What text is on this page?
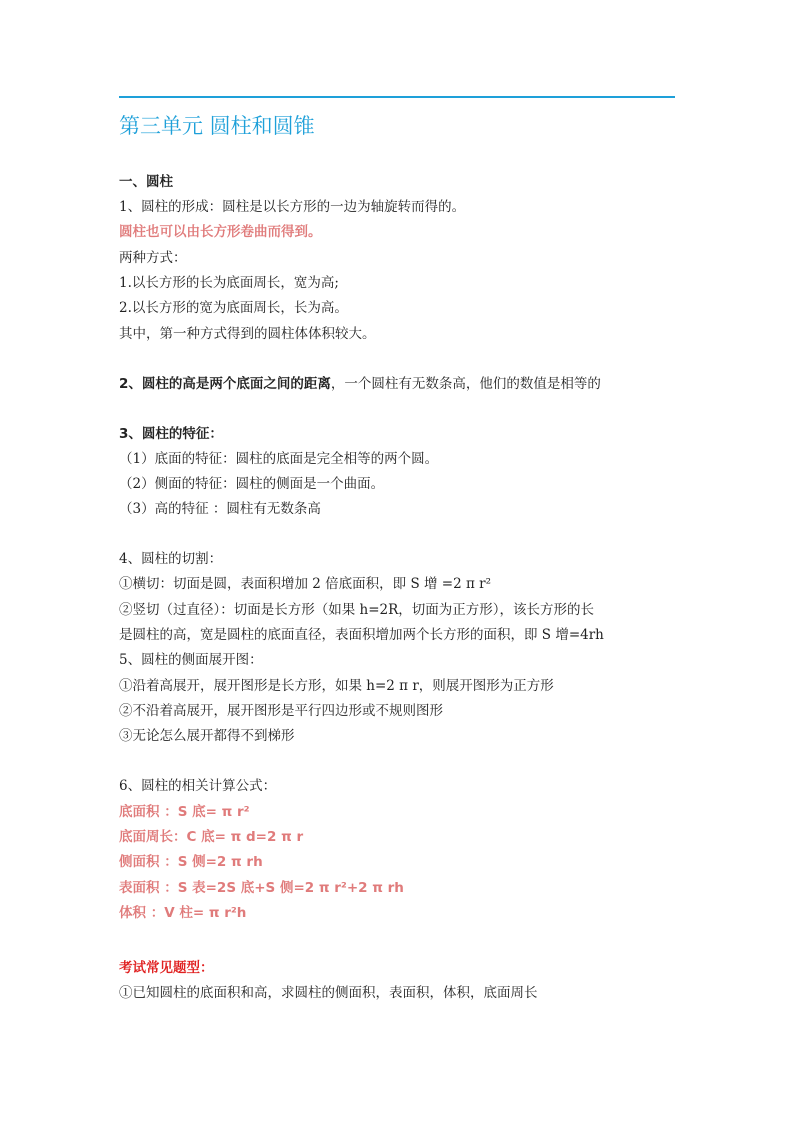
第三单元 圆柱和圆锥
一、圆柱
1、圆柱的形成：圆柱是以长方形的一边为轴旋转而得的。
圆柱也可以由长方形卷曲而得到。
两种方式：
1.以长方形的长为底面周长，宽为高;
2.以长方形的宽为底面周长，长为高。
其中，第一种方式得到的圆柱体体积较大。
2、圆柱的高是两个底面之间的距离，一个圆柱有无数条高，他们的数值是相等的
3、圆柱的特征：
（1）底面的特征：圆柱的底面是完全相等的两个圆。
（2）侧面的特征：圆柱的侧面是一个曲面。
（3）高的特征 ：圆柱有无数条高
4、圆柱的切割：
①横切：切面是圆，表面积增加 2 倍底面积，即 S 增 =2 π r²
②竖切（过直径）：切面是长方形（如果 h=2R，切面为正方形），该长方形的长
是圆柱的高，宽是圆柱的底面直径，表面积增加两个长方形的面积，即 S 增=4rh
5、圆柱的侧面展开图：
①沿着高展开，展开图形是长方形，如果 h=2 π r，则展开图形为正方形
②不沿着高展开，展开图形是平行四边形或不规则图形
③无论怎么展开都得不到梯形
6、圆柱的相关计算公式：
底面积 ：S 底= π r²
底面周长：C 底= π d=2 π r
侧面积 ：S 侧=2 π rh
表面积 ：S 表=2S 底+S 侧=2 π r²+2 π rh
体积 ：V 柱= π r²h
考试常见题型：
①已知圆柱的底面积和高，求圆柱的侧面积，表面积，体积，底面周长
